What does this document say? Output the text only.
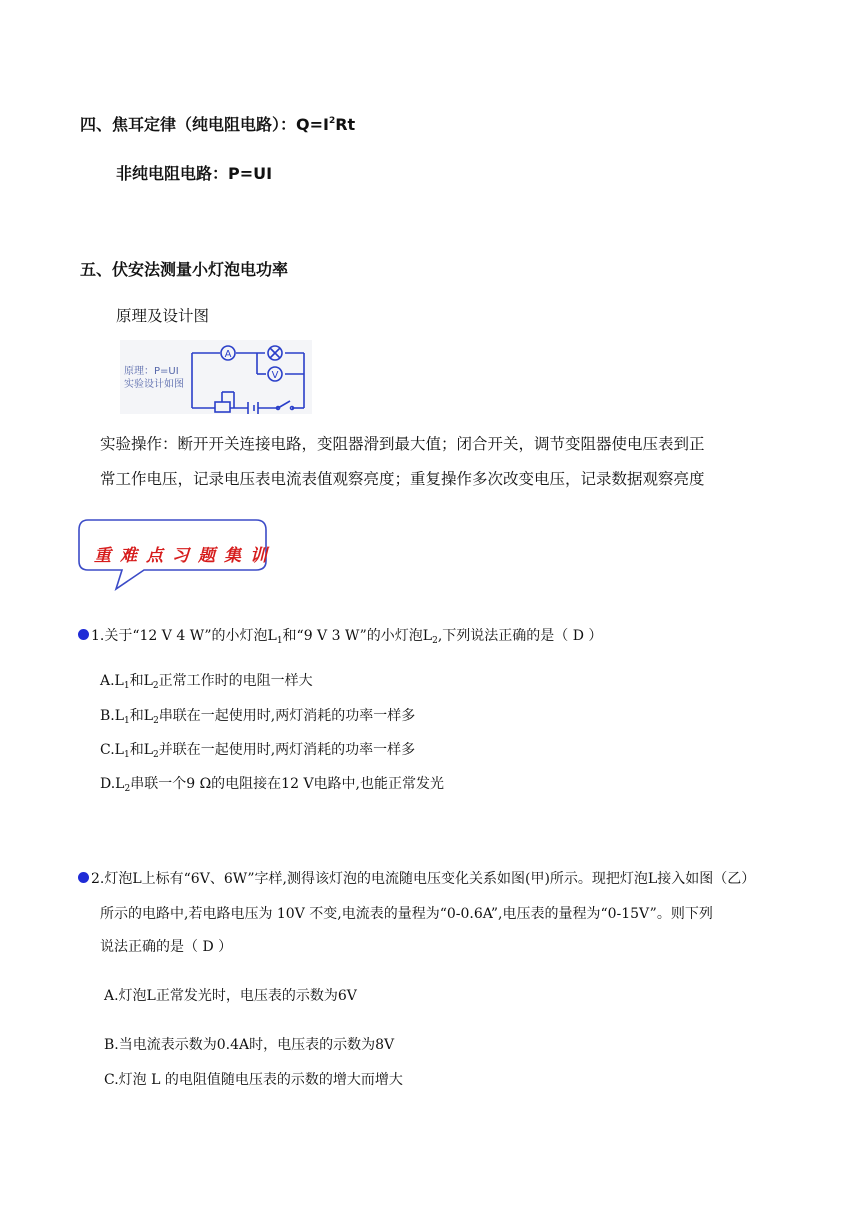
四、焦耳定律（纯电阻电路）：$Q=I^2Rt$
非纯电阻电路：P=UI
五、伏安法测量小灯泡电功率
原理及设计图
A
V
原理：P=UI
实验设计如图
实验操作：断开开关连接电路，变阻器滑到最大值；闭合开关，调节变阻器使电压表到正
常工作电压，记录电压表电流表值观察亮度；重复操作多次改变电压，记录数据观察亮度
重难点习题集训
1.关于“12 V 4 W”的小灯泡$L_1$和“9 V 3 W”的小灯泡$L_2$,下列说法正确的是（ D ）
$A.L_1$和$L_2$正常工作时的电阻一样大
$B.L_1$和$L_2$串联在一起使用时,两灯消耗的功率一样多
$C.L_1$和$L_2$并联在一起使用时,两灯消耗的功率一样多
$D.L_2$串联一个9 Ω的电阻接在12 V电路中,也能正常发光
2.灯泡L上标有“6V、6W”字样,测得该灯泡的电流随电压变化关系如图(甲)所示。现把灯泡L接入如图（乙）
所示的电路中,若电路电压为 10V 不变,电流表的量程为“0-0.6A”,电压表的量程为“0-15V”。则下列
说法正确的是（ D ）
A.灯泡L正常发光时，电压表的示数为6V
B.当电流表示数为0.4A时，电压表的示数为8V
C.灯泡 L 的电阻值随电压表的示数的增大而增大
